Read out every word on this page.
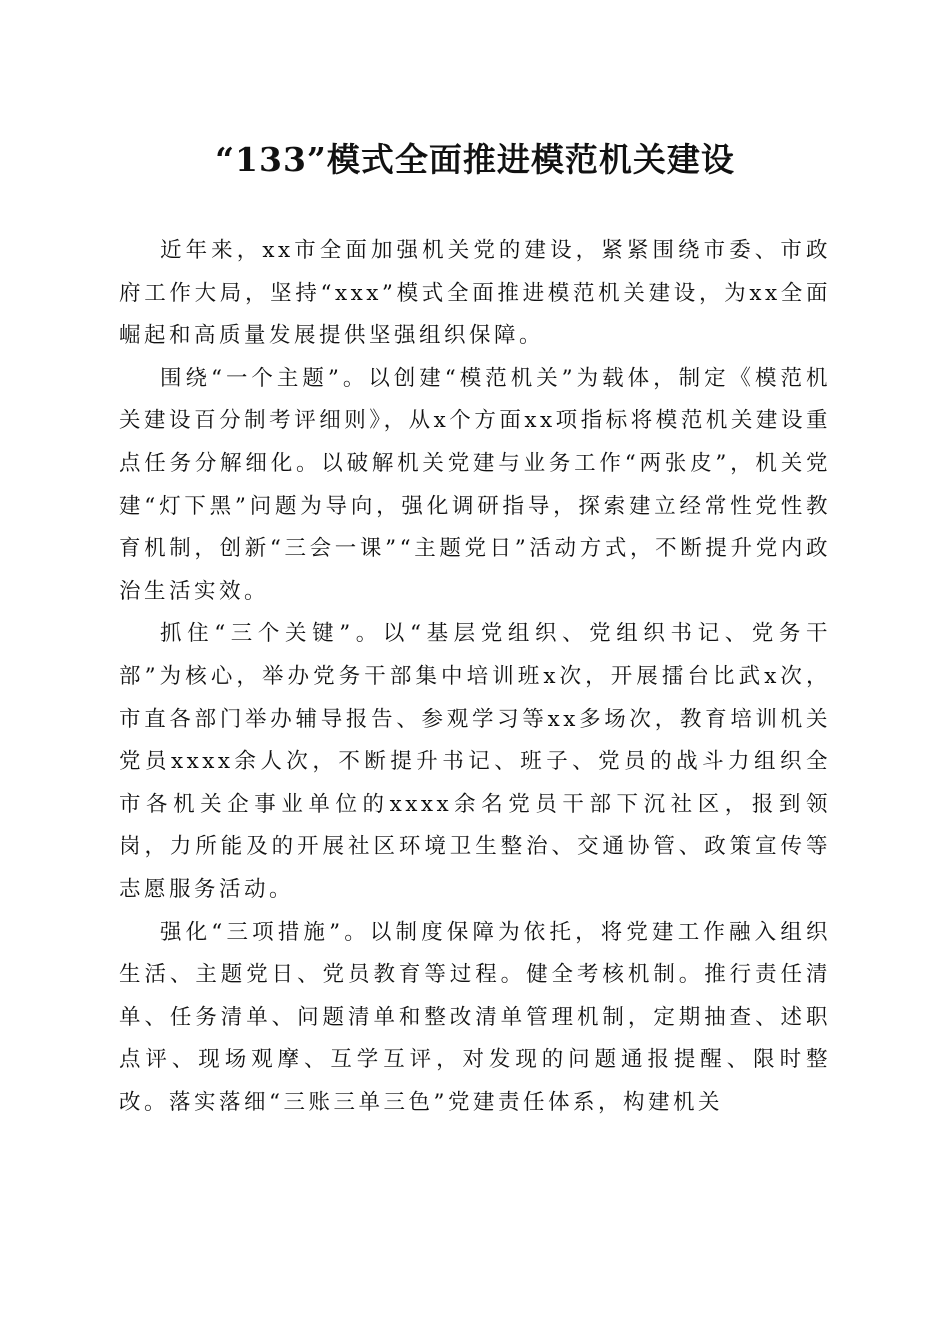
“133”模式全面推进模范机关建设

近年来，xx市全面加强机关党的建设，紧紧围绕市委、市政府工作大局，坚持“xxx”模式全面推进模范机关建设，为xx全面崛起和高质量发展提供坚强组织保障。

围绕“一个主题”。以创建“模范机关”为载体，制定《模范机关建设百分制考评细则》，从x个方面xx项指标将模范机关建设重点任务分解细化。以破解机关党建与业务工作“两张皮”，机关党建“灯下黑”问题为导向，强化调研指导，探索建立经常性党性教育机制，创新“三会一课”“主题党日”活动方式，不断提升党内政治生活实效。

抓住“三个关键”。以“基层党组织、党组织书记、党务干部”为核心，举办党务干部集中培训班x次，开展擂台比武x次，市直各部门举办辅导报告、参观学习等xx多场次，教育培训机关党员xxxx余人次，不断提升书记、班子、党员的战斗力组织全市各机关企事业单位的xxxx余名党员干部下沉社区，报到领岗，力所能及的开展社区环境卫生整治、交通协管、政策宣传等志愿服务活动。

强化“三项措施”。以制度保障为依托，将党建工作融入组织生活、主题党日、党员教育等过程。健全考核机制。推行责任清单、任务清单、问题清单和整改清单管理机制，定期抽查、述职点评、现场观摩、互学互评，对发现的问题通报提醒、限时整改。落实落细“三账三单三色”党建责任体系，构建机关
